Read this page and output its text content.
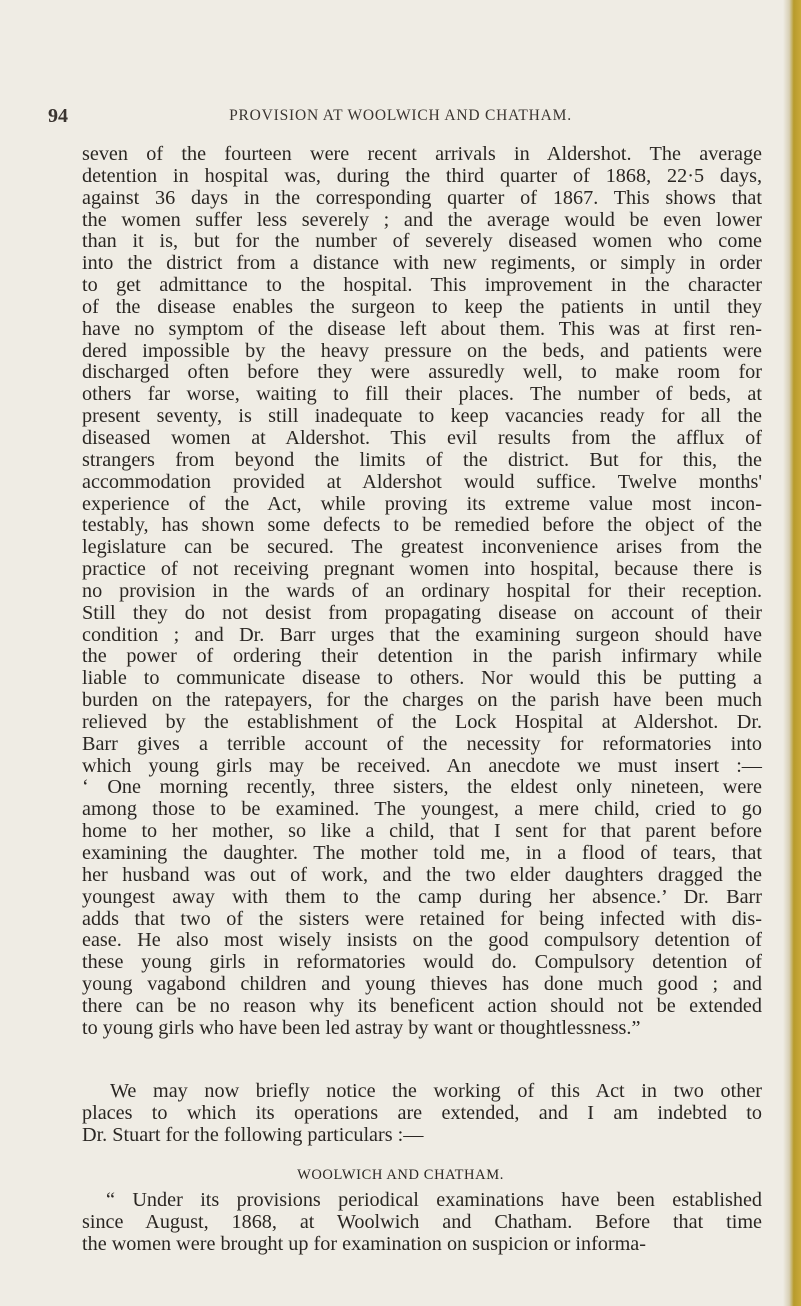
94	PROVISION AT WOOLWICH AND CHATHAM.
seven of the fourteen were recent arrivals in Aldershot. The average
detention in hospital was, during the third quarter of 1868, 22·5 days,
against 36 days in the corresponding quarter of 1867. This shows that
the women suffer less severely ; and the average would be even lower
than it is, but for the number of severely diseased women who come
into the district from a distance with new regiments, or simply in order
to get admittance to the hospital. This improvement in the character
of the disease enables the surgeon to keep the patients in until they
have no symptom of the disease left about them. This was at first ren-
dered impossible by the heavy pressure on the beds, and patients were
discharged often before they were assuredly well, to make room for
others far worse, waiting to fill their places. The number of beds, at
present seventy, is still inadequate to keep vacancies ready for all the
diseased women at Aldershot. This evil results from the afflux of
strangers from beyond the limits of the district. But for this, the
accommodation provided at Aldershot would suffice. Twelve months'
experience of the Act, while proving its extreme value most incon-
testably, has shown some defects to be remedied before the object of the
legislature can be secured. The greatest inconvenience arises from the
practice of not receiving pregnant women into hospital, because there is
no provision in the wards of an ordinary hospital for their reception.
Still they do not desist from propagating disease on account of their
condition ; and Dr. Barr urges that the examining surgeon should have
the power of ordering their detention in the parish infirmary while
liable to communicate disease to others. Nor would this be putting a
burden on the ratepayers, for the charges on the parish have been much
relieved by the establishment of the Lock Hospital at Aldershot. Dr.
Barr gives a terrible account of the necessity for reformatories into
which young girls may be received. An anecdote we must insert :—
‘ One morning recently, three sisters, the eldest only nineteen, were
among those to be examined. The youngest, a mere child, cried to go
home to her mother, so like a child, that I sent for that parent before
examining the daughter. The mother told me, in a flood of tears, that
her husband was out of work, and the two elder daughters dragged the
youngest away with them to the camp during her absence.’ Dr. Barr
adds that two of the sisters were retained for being infected with dis-
ease. He also most wisely insists on the good compulsory detention of
these young girls in reformatories would do. Compulsory detention of
young vagabond children and young thieves has done much good ; and
there can be no reason why its beneficent action should not be extended
to young girls who have been led astray by want or thoughtlessness.”
We may now briefly notice the working of this Act in two other
places to which its operations are extended, and I am indebted to
Dr. Stuart for the following particulars :—
WOOLWICH AND CHATHAM.
“ Under its provisions periodical examinations have been established
since August, 1868, at Woolwich and Chatham. Before that time
the women were brought up for examination on suspicion or informa-
